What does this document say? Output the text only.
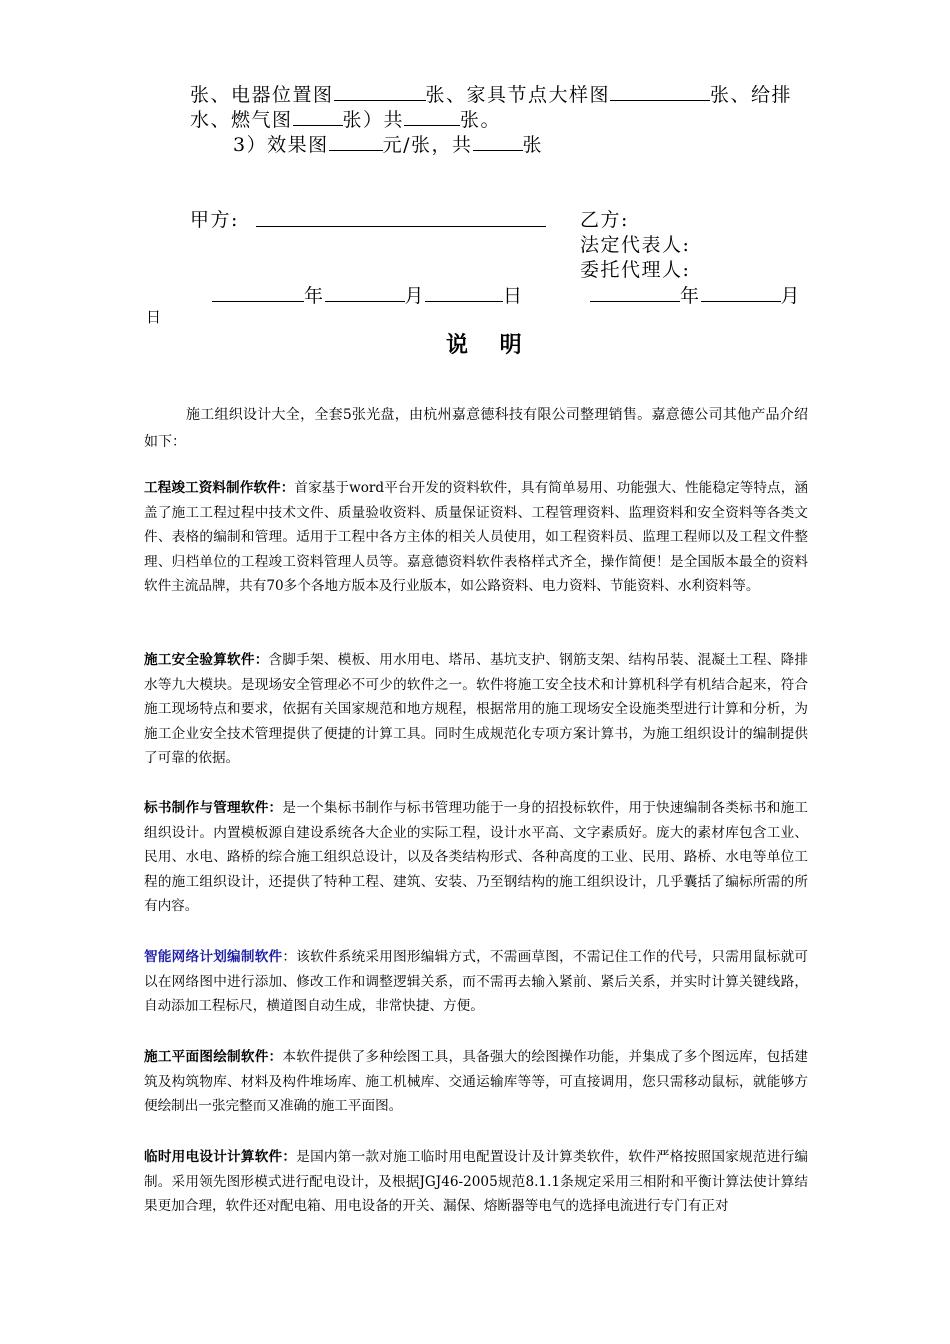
张、电器位置图	张、家具节点大样图	张、给排
水、燃气图	张）共	张。
3）效果图	元/张，共	张
甲方:	乙方:
法定代表人:
委托代理人:
年	月	日	年	月
日
说 明
施工组织设计大全，全套5张光盘，由杭州嘉意德科技有限公司整理销售。嘉意德公司其他产品介绍如下：
工程竣工资料制作软件：首家基于word平台开发的资料软件，具有简单易用、功能强大、性能稳定等特点，涵盖了施工工程过程中技术文件、质量验收资料、质量保证资料、工程管理资料、监理资料和安全资料等各类文件、表格的编制和管理。适用于工程中各方主体的相关人员使用，如工程资料员、监理工程师以及工程文件整理、归档单位的工程竣工资料管理人员等。嘉意德资料软件表格样式齐全，操作简便！是全国版本最全的资料软件主流品牌，共有70多个各地方版本及行业版本，如公路资料、电力资料、节能资料、水利资料等。
施工安全验算软件：含脚手架、模板、用水用电、塔吊、基坑支护、钢筋支架、结构吊装、混凝土工程、降排水等九大模块。是现场安全管理必不可少的软件之一。软件将施工安全技术和计算机科学有机结合起来，符合施工现场特点和要求，依据有关国家规范和地方规程，根据常用的施工现场安全设施类型进行计算和分析，为施工企业安全技术管理提供了便捷的计算工具。同时生成规范化专项方案计算书，为施工组织设计的编制提供了可靠的依据。
标书制作与管理软件：是一个集标书制作与标书管理功能于一身的招投标软件，用于快速编制各类标书和施工组织设计。内置模板源自建设系统各大企业的实际工程，设计水平高、文字素质好。庞大的素材库包含工业、民用、水电、路桥的综合施工组织总设计，以及各类结构形式、各种高度的工业、民用、路桥、水电等单位工程的施工组织设计，还提供了特种工程、建筑、安装、乃至钢结构的施工组织设计，几乎囊括了编标所需的所有内容。
智能网络计划编制软件：该软件系统采用图形编辑方式，不需画草图，不需记住工作的代号，只需用鼠标就可以在网络图中进行添加、修改工作和调整逻辑关系，而不需再去输入紧前、紧后关系，并实时计算关键线路，自动添加工程标尺，横道图自动生成，非常快捷、方便。
施工平面图绘制软件：本软件提供了多种绘图工具，具备强大的绘图操作功能，并集成了多个图远库，包括建筑及构筑物库、材料及构件堆场库、施工机械库、交通运输库等等，可直接调用，您只需移动鼠标，就能够方便绘制出一张完整而又准确的施工平面图。
临时用电设计计算软件：是国内第一款对施工临时用电配置设计及计算类软件，软件严格按照国家规范进行编制。采用领先图形模式进行配电设计，及根据JGJ46-2005规范8.1.1条规定采用三相附和平衡计算法使计算结果更加合理，软件还对配电箱、用电设备的开关、漏保、熔断器等电气的选择电流进行专门有正对
